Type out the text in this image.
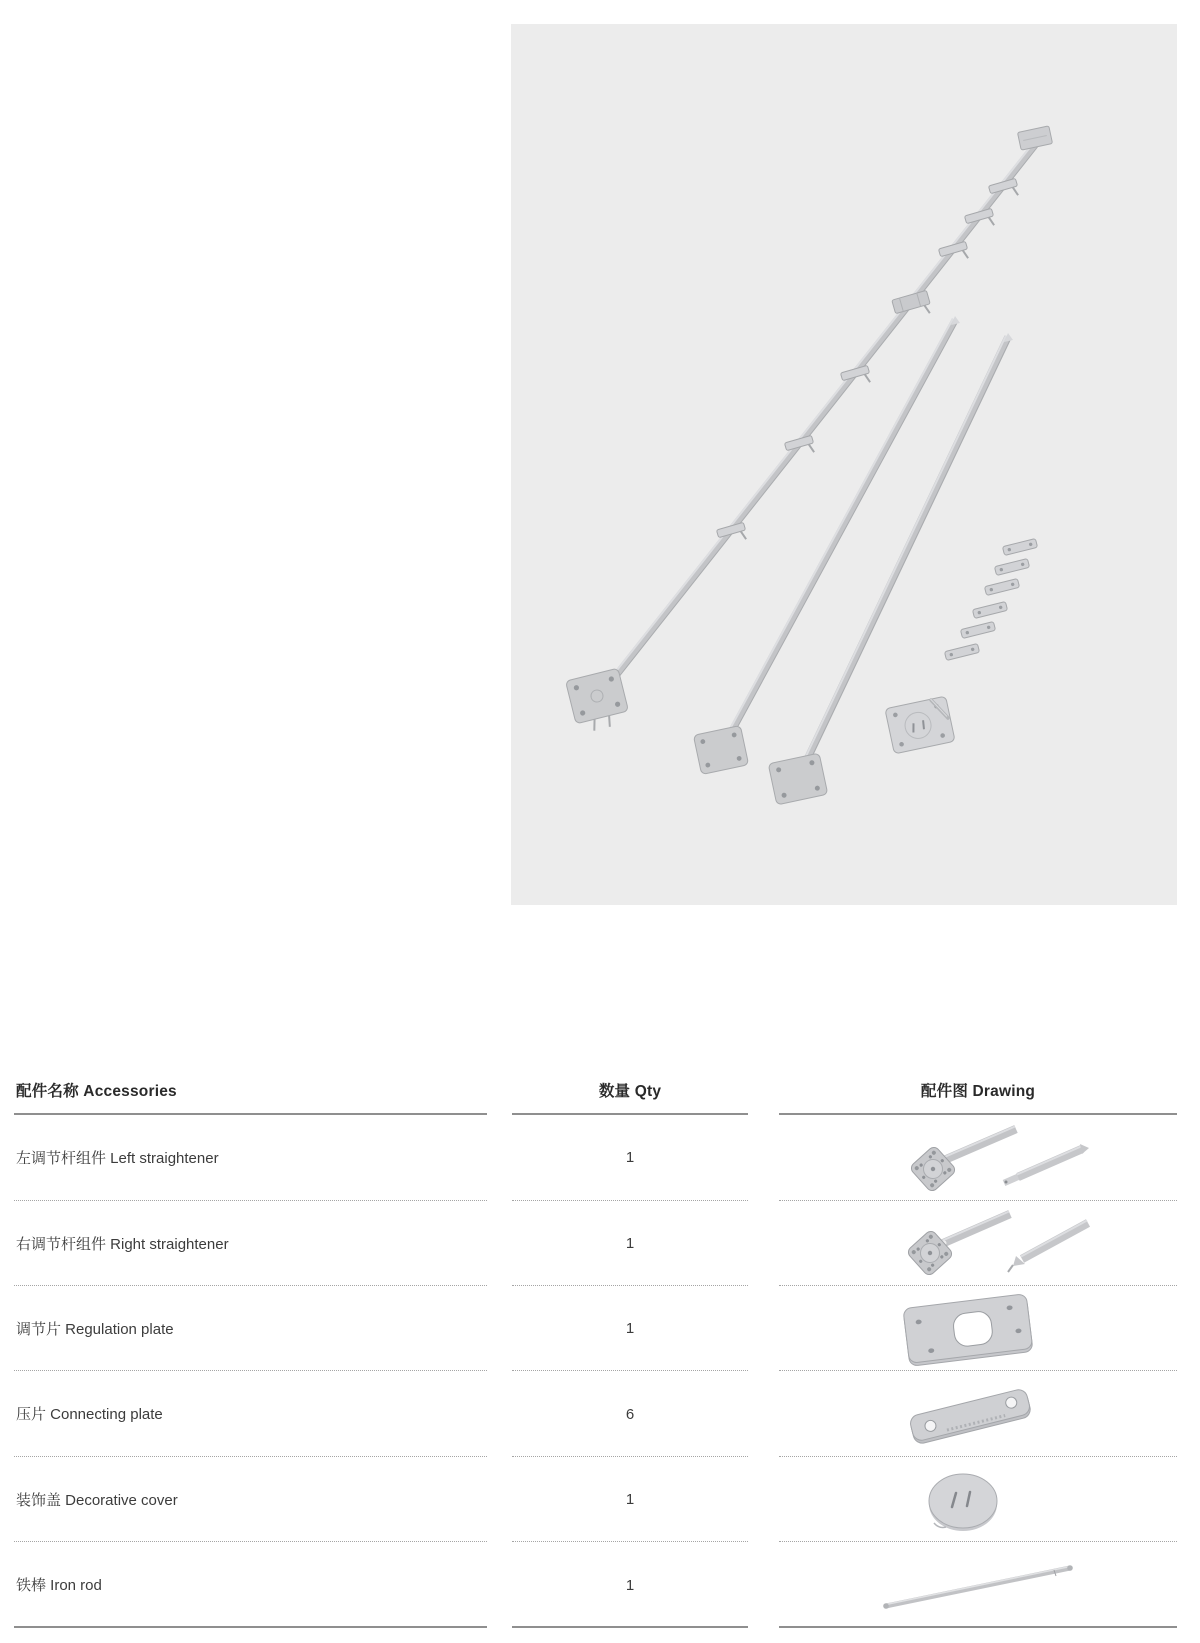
配件名称 Accessories	数量 Qty	配件图 Drawing
左调节杆组件 Left straightener	1
右调节杆组件 Right straightener	1
调节片 Regulation plate	1
压片 Connecting plate	6
装饰盖 Decorative cover	1
铁棒 Iron rod	1
